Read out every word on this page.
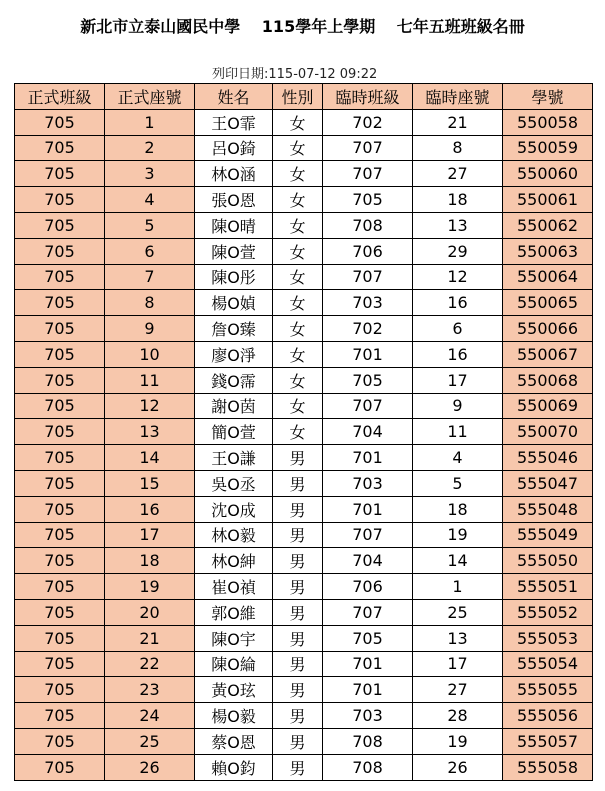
新北市立泰山國民中學 115學年上學期 七年五班班級名冊
列印日期:115-07-12 09:22
正式班級	正式座號	姓名	性別	臨時班級	臨時座號	學號
705	1	王O霏	女	702	21	550058
705	2	呂O錡	女	707	8	550059
705	3	林O涵	女	707	27	550060
705	4	張O恩	女	705	18	550061
705	5	陳O晴	女	708	13	550062
705	6	陳O萱	女	706	29	550063
705	7	陳O彤	女	707	12	550064
705	8	楊O媜	女	703	16	550065
705	9	詹O臻	女	702	6	550066
705	10	廖O淨	女	701	16	550067
705	11	錢O霈	女	705	17	550068
705	12	謝O茵	女	707	9	550069
705	13	簡O萱	女	704	11	550070
705	14	王O謙	男	701	4	555046
705	15	吳O丞	男	703	5	555047
705	16	沈O成	男	701	18	555048
705	17	林O毅	男	707	19	555049
705	18	林O紳	男	704	14	555050
705	19	崔O禎	男	706	1	555051
705	20	郭O維	男	707	25	555052
705	21	陳O宇	男	705	13	555053
705	22	陳O綸	男	701	17	555054
705	23	黃O玹	男	701	27	555055
705	24	楊O毅	男	703	28	555056
705	25	蔡O恩	男	708	19	555057
705	26	賴O鈞	男	708	26	555058
